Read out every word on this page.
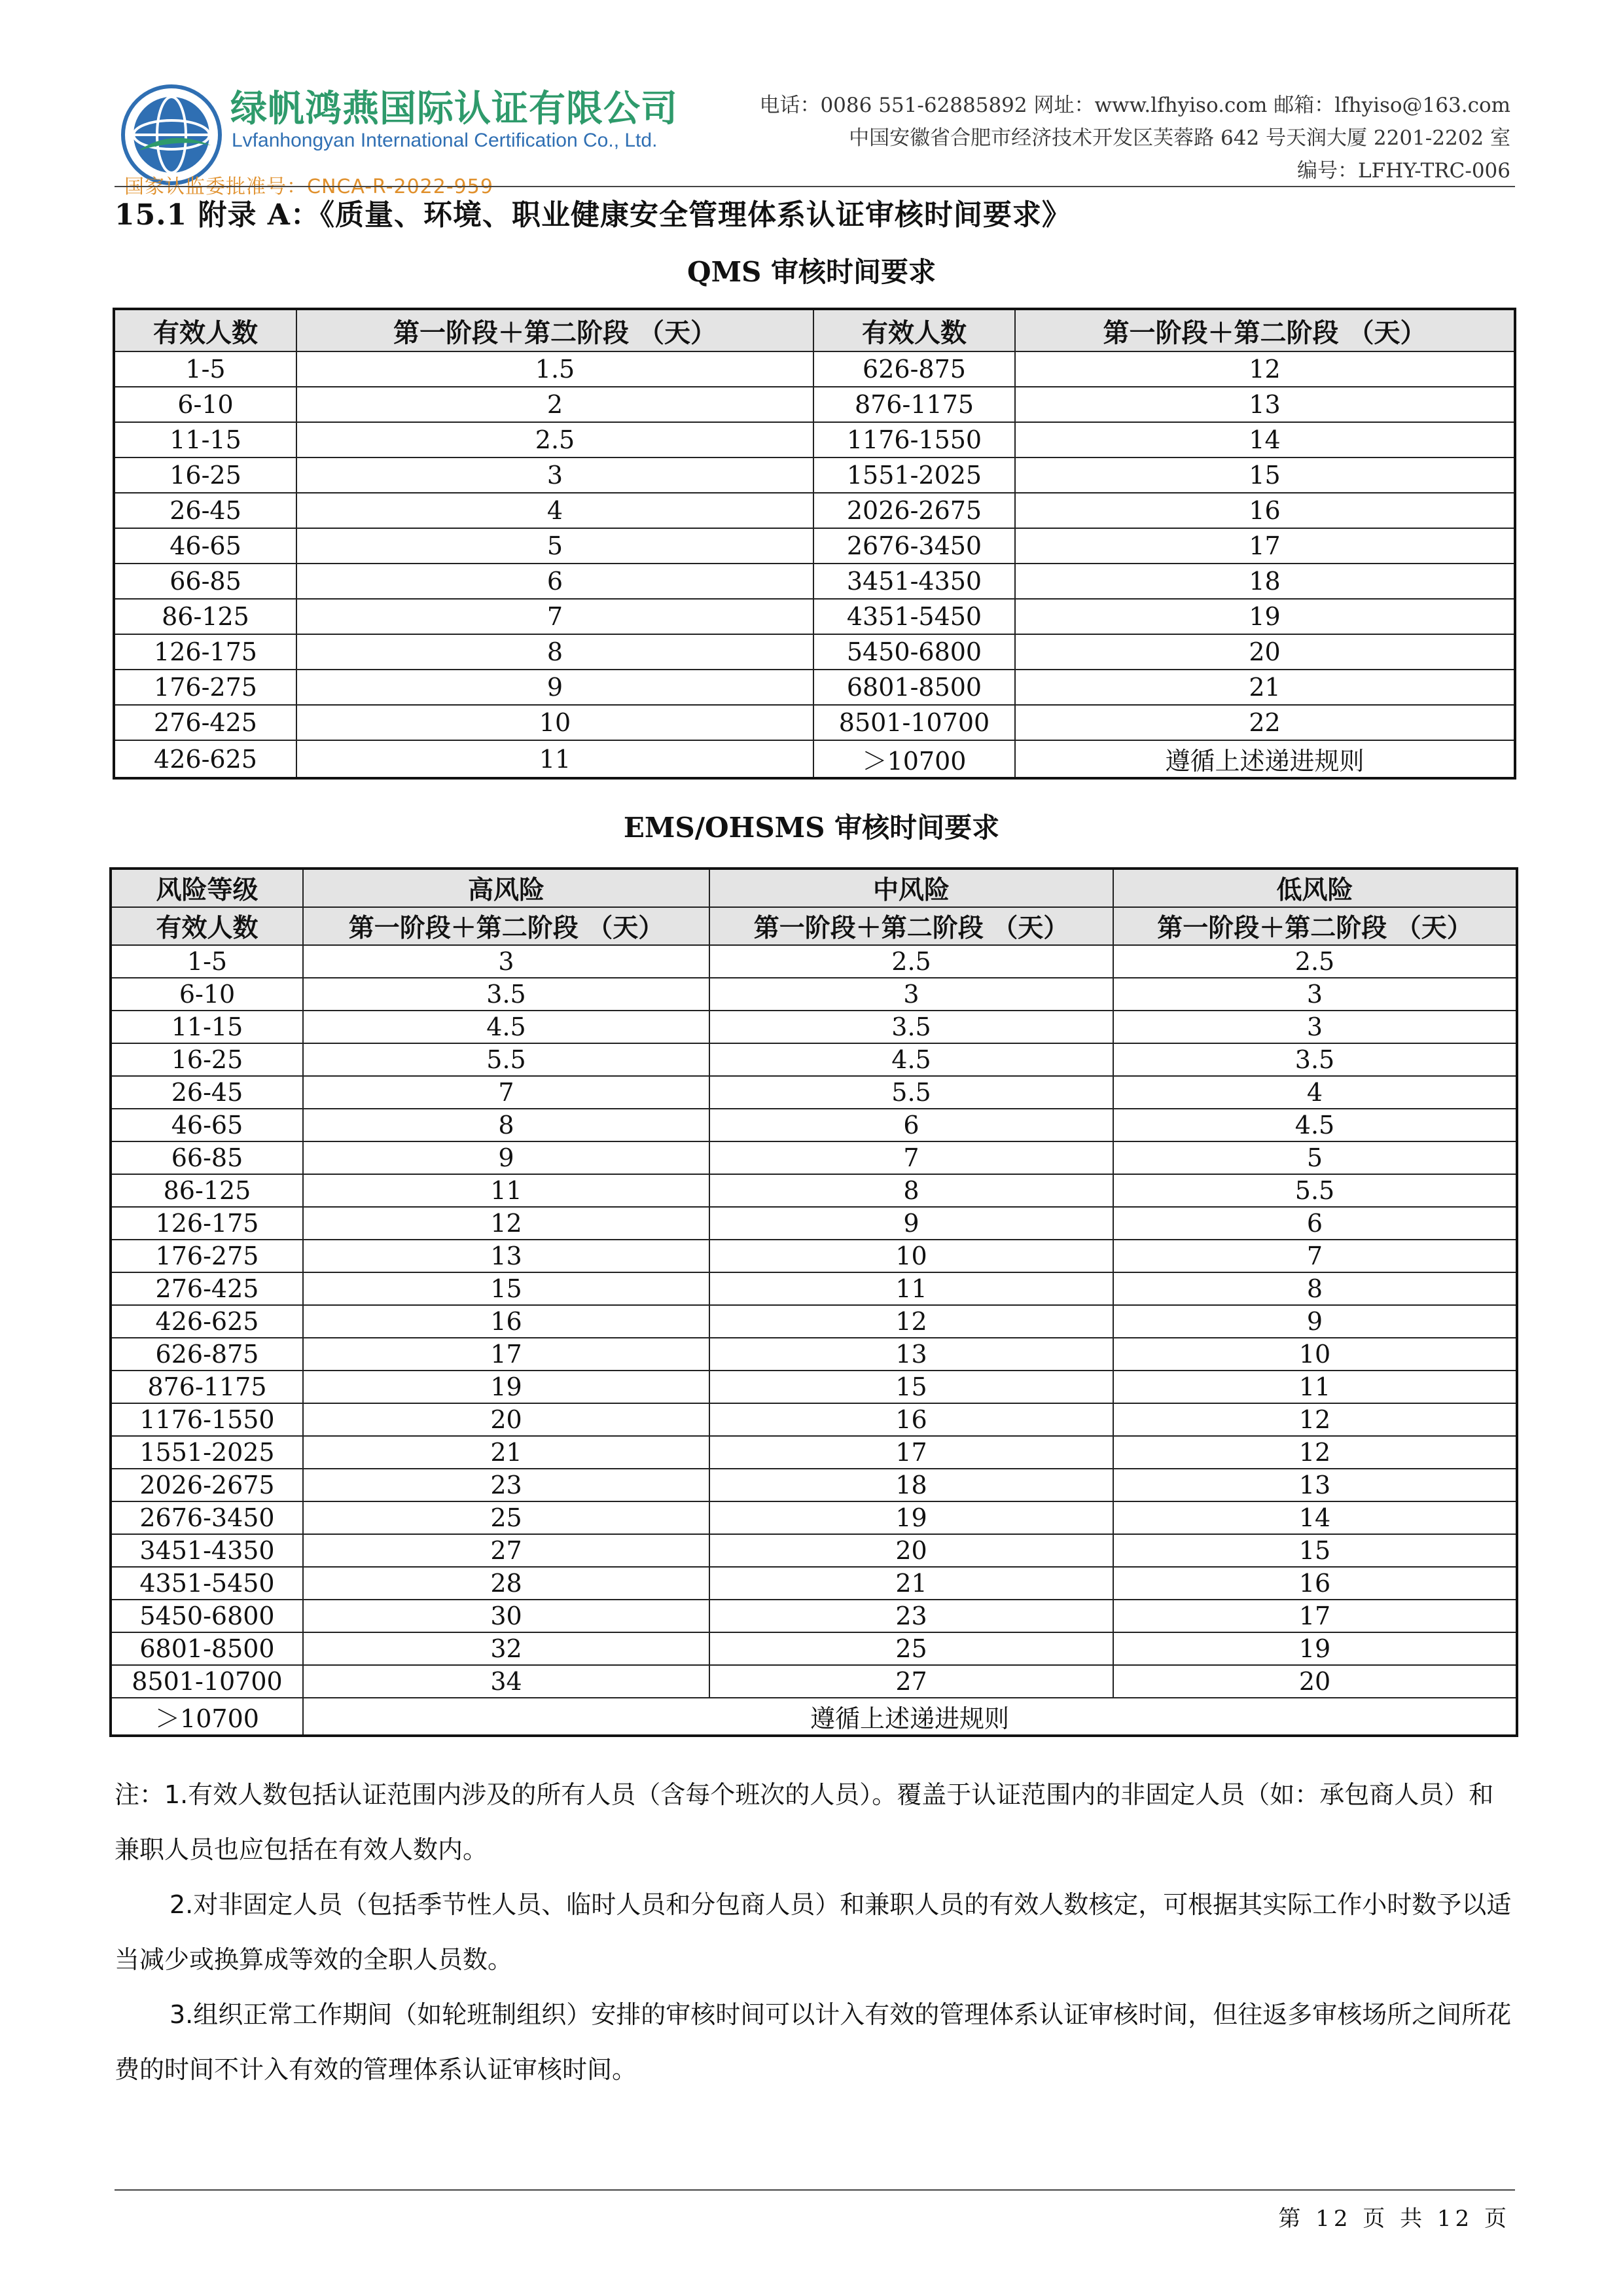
绿帆鸿燕国际认证有限公司
Lvfanhongyan International Certification Co., Ltd.
国家认监委批准号：CNCA-R-2022-959
电话：0086 551-62885892 网址：www.lfhyiso.com 邮箱：lfhyiso@163.com
中国安徽省合肥市经济技术开发区芙蓉路 642 号天润大厦 2201-2202 室
编号：LFHY-TRC-006
15.1 附录 A：《质量、环境、职业健康安全管理体系认证审核时间要求》
QMS 审核时间要求
有效人数	第一阶段＋第二阶段 （天）	有效人数	第一阶段＋第二阶段 （天）
1-5	1.5	626-875	12
6-10	2	876-1175	13
11-15	2.5	1176-1550	14
16-25	3	1551-2025	15
26-45	4	2026-2675	16
46-65	5	2676-3450	17
66-85	6	3451-4350	18
86-125	7	4351-5450	19
126-175	8	5450-6800	20
176-275	9	6801-8500	21
276-425	10	8501-10700	22
426-625	11	＞10700	遵循上述递进规则
EMS/OHSMS 审核时间要求
风险等级	高风险	中风险	低风险
有效人数	第一阶段＋第二阶段 （天）	第一阶段＋第二阶段 （天）	第一阶段＋第二阶段 （天）
1-5	3	2.5	2.5
6-10	3.5	3	3
11-15	4.5	3.5	3
16-25	5.5	4.5	3.5
26-45	7	5.5	4
46-65	8	6	4.5
66-85	9	7	5
86-125	11	8	5.5
126-175	12	9	6
176-275	13	10	7
276-425	15	11	8
426-625	16	12	9
626-875	17	13	10
876-1175	19	15	11
1176-1550	20	16	12
1551-2025	21	17	12
2026-2675	23	18	13
2676-3450	25	19	14
3451-4350	27	20	15
4351-5450	28	21	16
5450-6800	30	23	17
6801-8500	32	25	19
8501-10700	34	27	20
＞10700	遵循上述递进规则		

注：1.有效人数包括认证范围内涉及的所有人员（含每个班次的人员）。覆盖于认证范围内的非固定人员（如：承包商人员）和兼职人员也应包括在有效人数内。

2.对非固定人员（包括季节性人员、临时人员和分包商人员）和兼职人员的有效人数核定，可根据其实际工作小时数予以适当减少或换算成等效的全职人员数。

3.组织正常工作期间（如轮班制组织）安排的审核时间可以计入有效的管理体系认证审核时间，但往返多审核场所之间所花费的时间不计入有效的管理体系认证审核时间。

第 12 页 共 12 页
